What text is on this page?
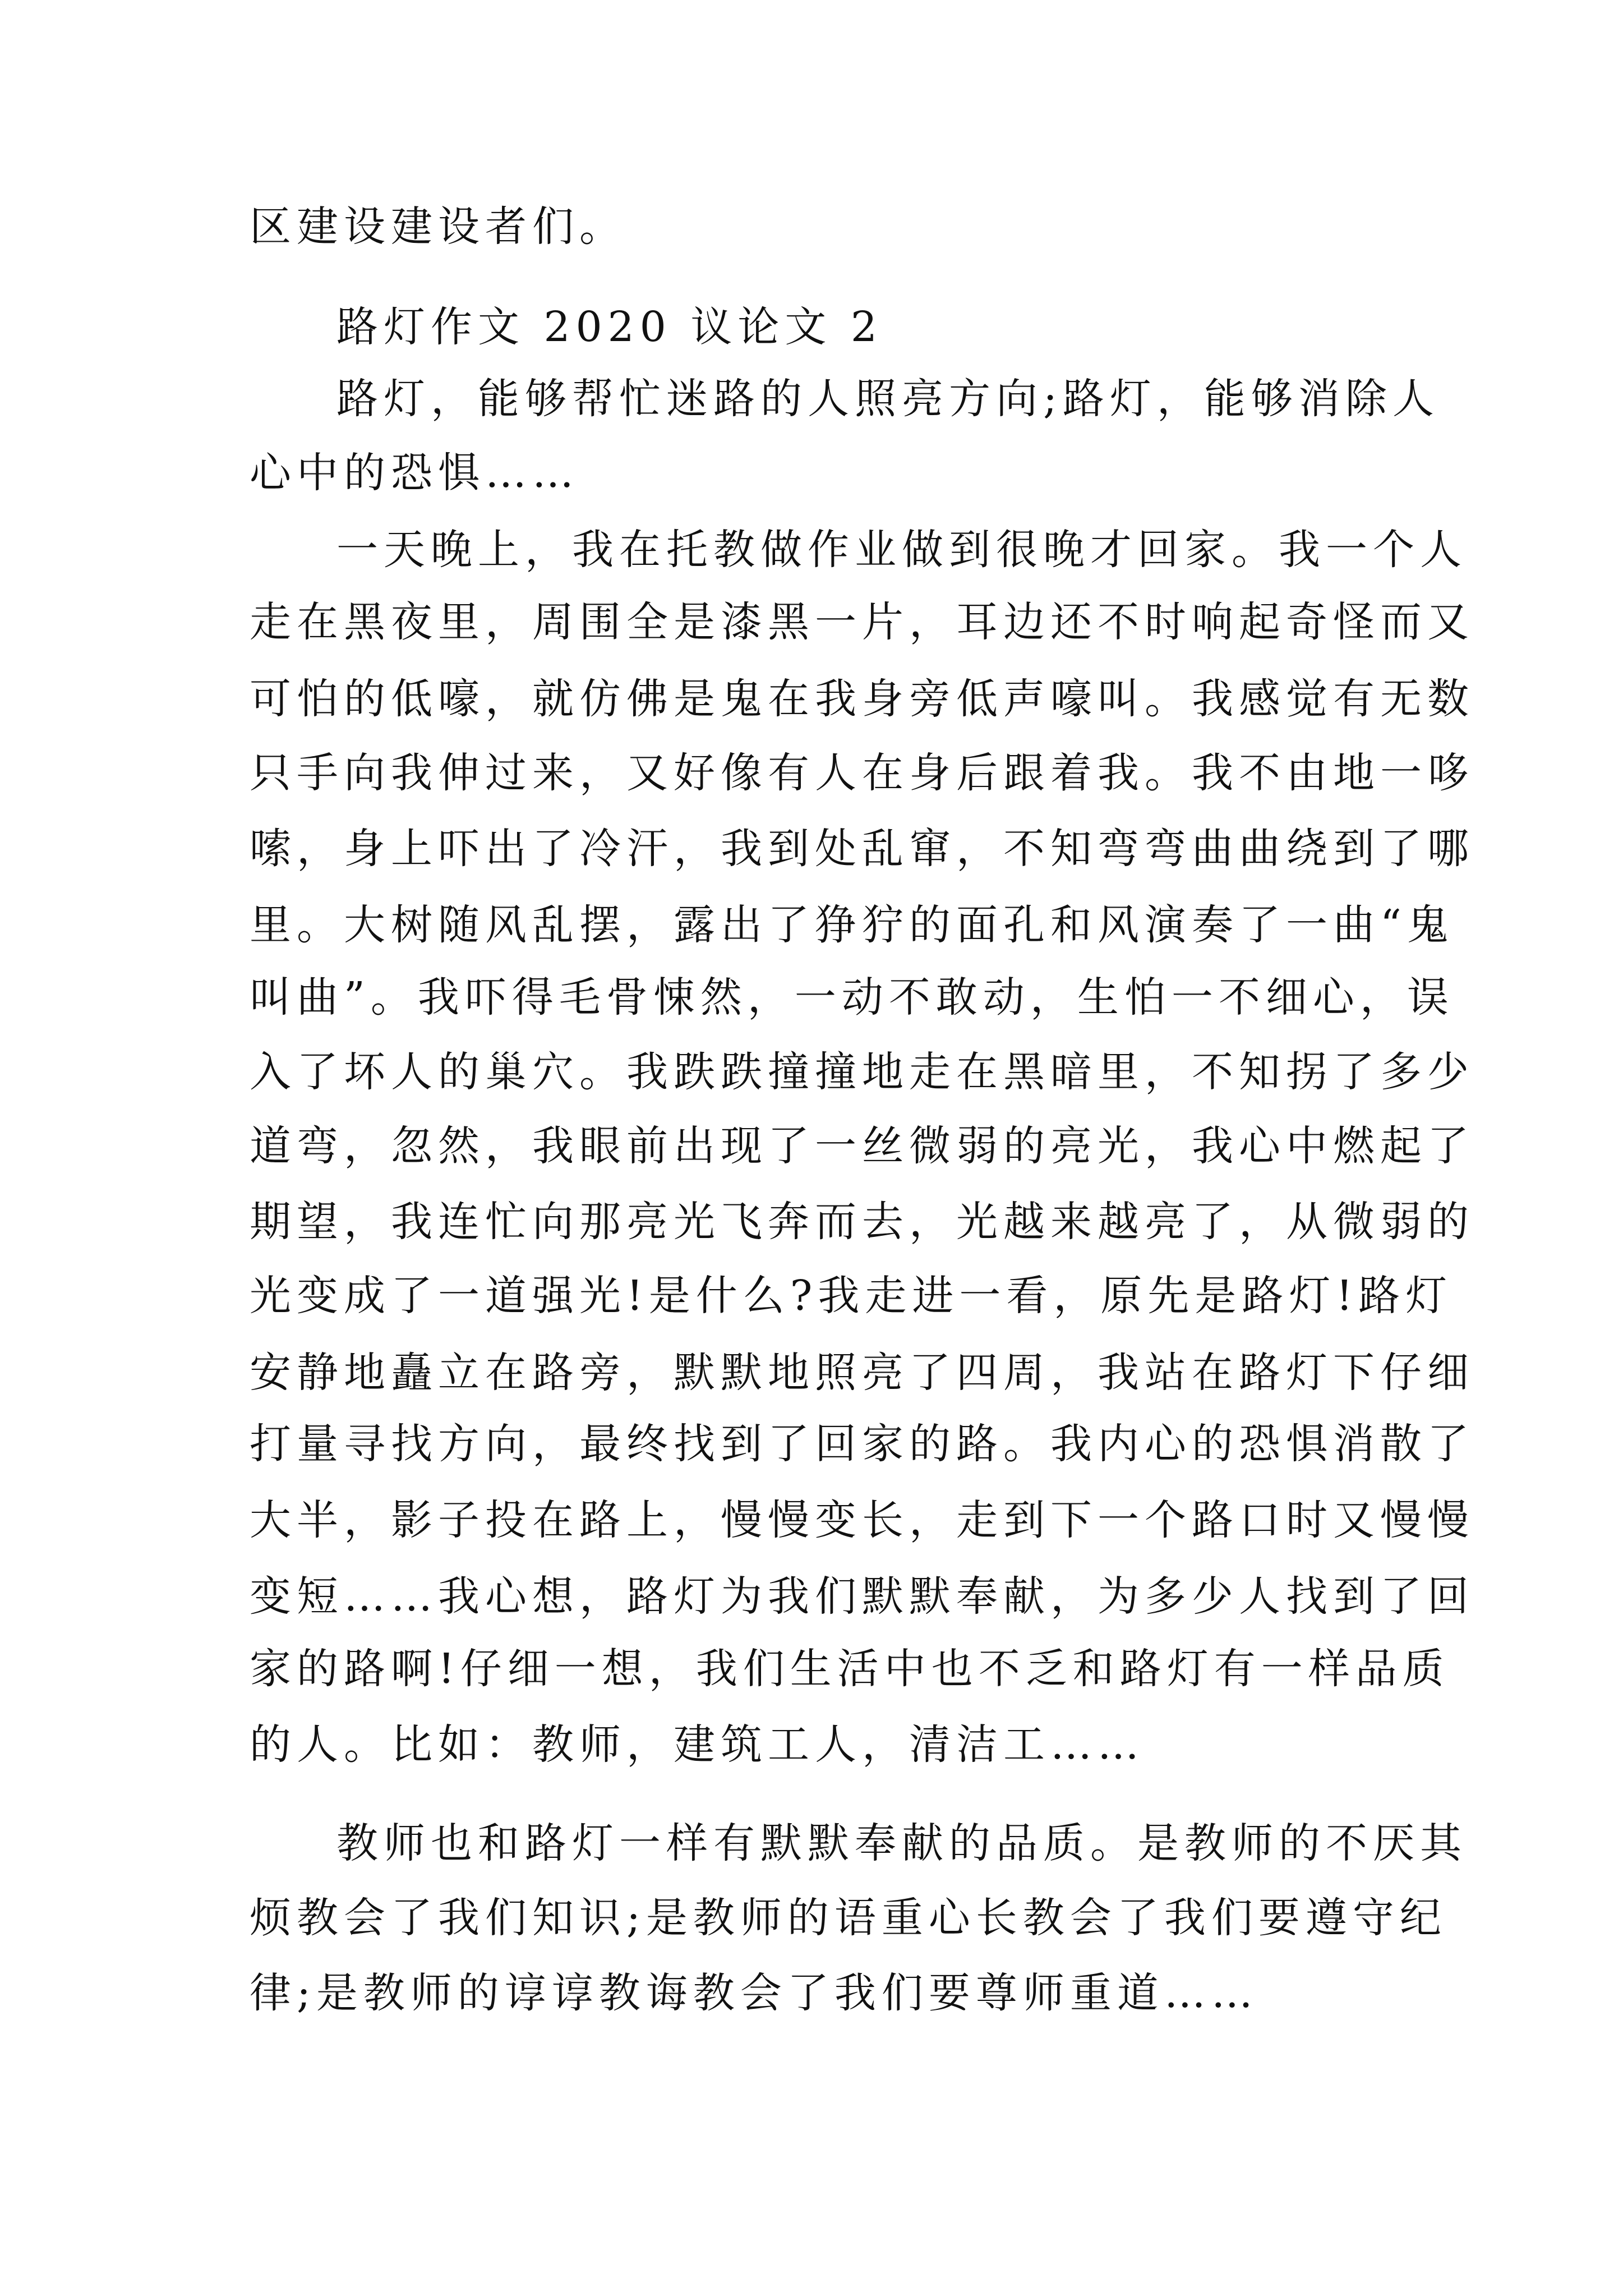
区建设建设者们。
路灯作文 2020 议论文 2
路灯，能够帮忙迷路的人照亮方向;路灯，能够消除人
心中的恐惧……
一天晚上，我在托教做作业做到很晚才回家。我一个人
走在黑夜里，周围全是漆黑一片，耳边还不时响起奇怪而又
可怕的低嚎，就仿佛是鬼在我身旁低声嚎叫。我感觉有无数
只手向我伸过来，又好像有人在身后跟着我。我不由地一哆
嗦，身上吓出了冷汗，我到处乱窜，不知弯弯曲曲绕到了哪
里。大树随风乱摆，露出了狰狞的面孔和风演奏了一曲“鬼
叫曲”。我吓得毛骨悚然，一动不敢动，生怕一不细心，误
入了坏人的巢穴。我跌跌撞撞地走在黑暗里，不知拐了多少
道弯，忽然，我眼前出现了一丝微弱的亮光，我心中燃起了
期望，我连忙向那亮光飞奔而去，光越来越亮了，从微弱的
光变成了一道强光!是什么?我走进一看，原先是路灯!路灯
安静地矗立在路旁，默默地照亮了四周，我站在路灯下仔细
打量寻找方向，最终找到了回家的路。我内心的恐惧消散了
大半，影子投在路上，慢慢变长，走到下一个路口时又慢慢
变短……我心想，路灯为我们默默奉献，为多少人找到了回
家的路啊!仔细一想，我们生活中也不乏和路灯有一样品质
的人。比如：教师，建筑工人，清洁工……
教师也和路灯一样有默默奉献的品质。是教师的不厌其
烦教会了我们知识;是教师的语重心长教会了我们要遵守纪
律;是教师的谆谆教诲教会了我们要尊师重道……
